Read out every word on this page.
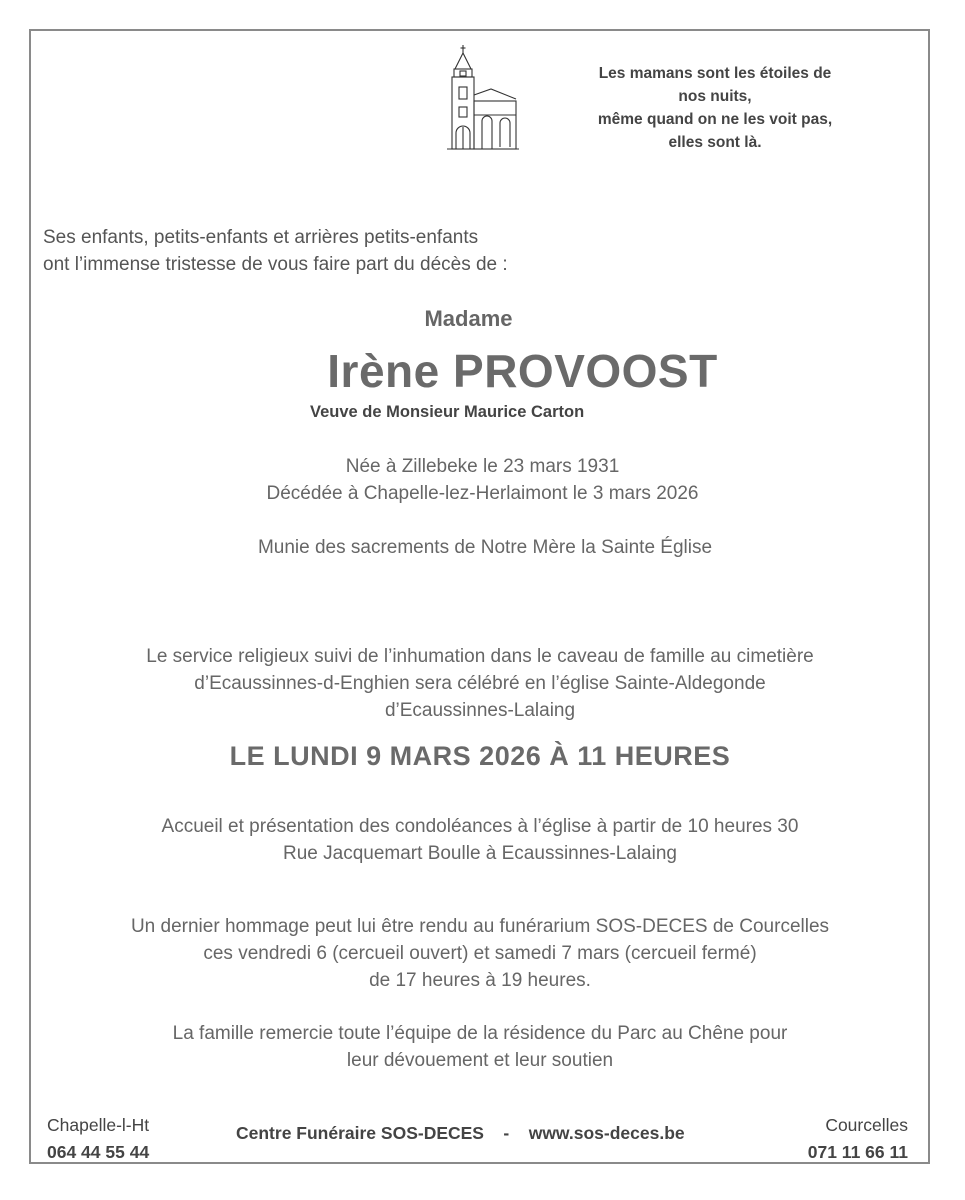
Les mamans sont les étoiles de
nos nuits,
même quand on ne les voit pas,
elles sont là.
Ses enfants, petits-enfants et arrières petits-enfants
ont l’immense tristesse de vous faire part du décès de :
Madame
Irène PROVOOST
Veuve de Monsieur Maurice Carton
Née à Zillebeke le 23 mars 1931
Décédée à Chapelle-lez-Herlaimont le 3 mars 2026
Munie des sacrements de Notre Mère la Sainte Église
Le service religieux suivi de l’inhumation dans le caveau de famille au cimetière
d’Ecaussinnes-d-Enghien sera célébré en l’église Sainte-Aldegonde
d’Ecaussinnes-Lalaing
LE LUNDI 9 MARS 2026 À 11 HEURES
Accueil et présentation des condoléances à l’église à partir de 10 heures 30
Rue Jacquemart Boulle à Ecaussinnes-Lalaing
Un dernier hommage peut lui être rendu au funérarium SOS-DECES de Courcelles
ces vendredi 6 (cercueil ouvert) et samedi 7 mars (cercueil fermé)
de 17 heures à 19 heures.
La famille remercie toute l’équipe de la résidence du Parc au Chêne pour
leur dévouement et leur soutien
Chapelle-l-Ht
064 44 55 44
Centre Funéraire SOS-DECES    -    www.sos-deces.be	Courcelles
071 11 66 11
